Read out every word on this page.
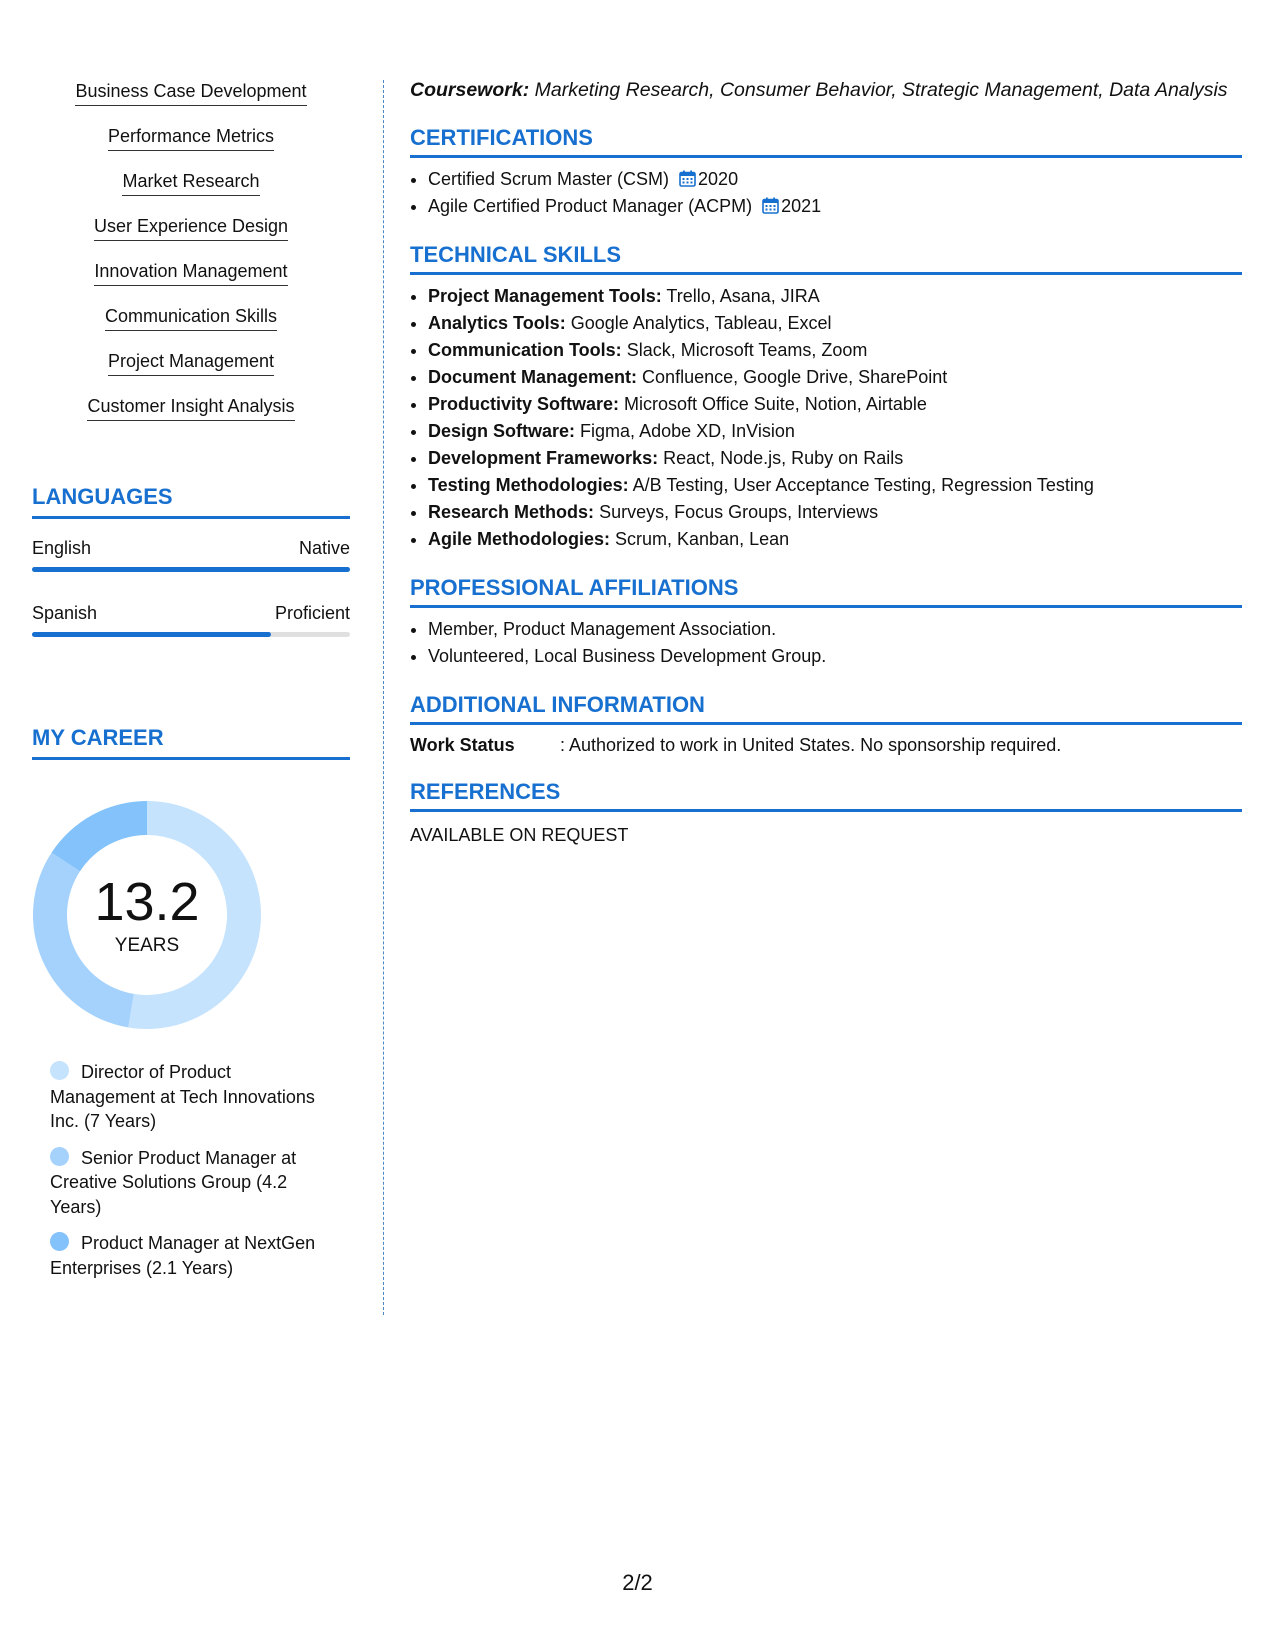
Business Case Development
Performance Metrics
Market Research
User Experience Design
Innovation Management
Communication Skills
Project Management
Customer Insight Analysis
LANGUAGES
English	Native
Spanish	Proficient
MY CAREER
13.2
YEARS
Director of Product Management at Tech Innovations Inc. (7 Years)
Senior Product Manager at Creative Solutions Group (4.2 Years)
Product Manager at NextGen Enterprises (2.1 Years)

Coursework: Marketing Research, Consumer Behavior, Strategic Management, Data Analysis

CERTIFICATIONS
• Certified Scrum Master (CSM) 2020
• Agile Certified Product Manager (ACPM) 2021
TECHNICAL SKILLS
• Project Management Tools: Trello, Asana, JIRA
• Analytics Tools: Google Analytics, Tableau, Excel
• Communication Tools: Slack, Microsoft Teams, Zoom
• Document Management: Confluence, Google Drive, SharePoint
• Productivity Software: Microsoft Office Suite, Notion, Airtable
• Design Software: Figma, Adobe XD, InVision
• Development Frameworks: React, Node.js, Ruby on Rails
• Testing Methodologies: A/B Testing, User Acceptance Testing, Regression Testing
• Research Methods: Surveys, Focus Groups, Interviews
• Agile Methodologies: Scrum, Kanban, Lean
PROFESSIONAL AFFILIATIONS
• Member, Product Management Association.
• Volunteered, Local Business Development Group.
ADDITIONAL INFORMATION
Work Status	: Authorized to work in United States. No sponsorship required.
REFERENCES
AVAILABLE ON REQUEST
2/2
